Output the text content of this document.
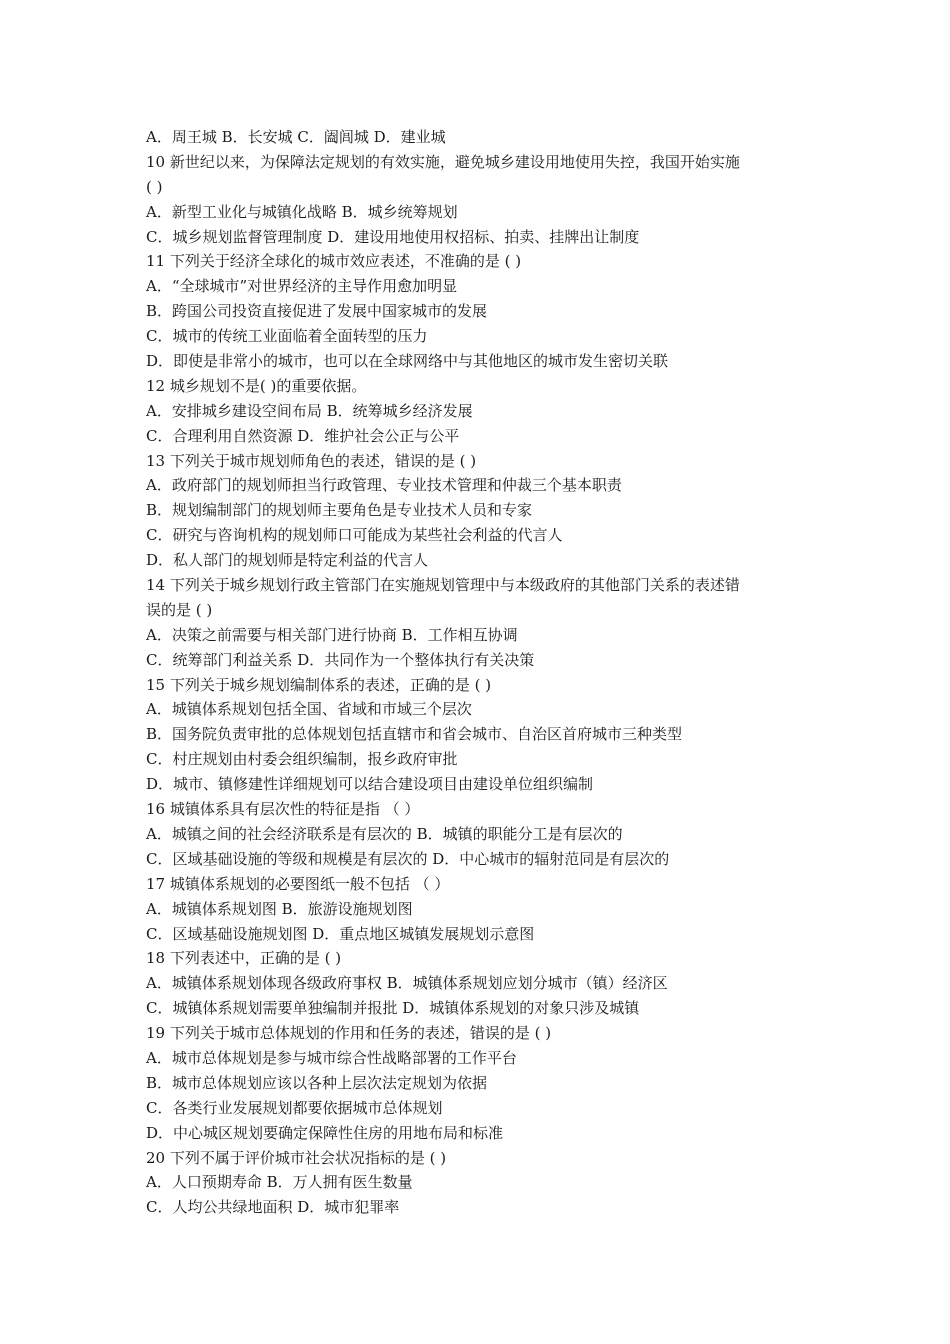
A．周王城 B．长安城 C．阖闾城 D．建业城
10 新世纪以来，为保障法定规划的有效实施，避免城乡建设用地使用失控，我国开始实施
( )
A．新型工业化与城镇化战略 B．城乡统筹规划
C．城乡规划监督管理制度 D．建设用地使用权招标、拍卖、挂牌出让制度
11 下列关于经济全球化的城市效应表述，不准确的是 ( )
A．“全球城市”对世界经济的主导作用愈加明显
B．跨国公司投资直接促进了发展中国家城市的发展
C．城市的传统工业面临着全面转型的压力
D．即使是非常小的城市，也可以在全球网络中与其他地区的城市发生密切关联
12 城乡规划不是( )的重要依据。
A．安排城乡建设空间布局 B．统筹城乡经济发展
C．合理利用自然资源 D．维护社会公正与公平
13 下列关于城市规划师角色的表述，错误的是 ( )
A．政府部门的规划师担当行政管理、专业技术管理和仲裁三个基本职责
B．规划编制部门的规划师主要角色是专业技术人员和专家
C．研究与咨询机构的规划师口可能成为某些社会利益的代言人
D．私人部门的规划师是特定利益的代言人
14 下列关于城乡规划行政主管部门在实施规划管理中与本级政府的其他部门关系的表述错
误的是 ( )
A．决策之前需要与相关部门进行协商 B．工作相互协调
C．统筹部门利益关系 D．共同作为一个整体执行有关决策
15 下列关于城乡规划编制体系的表述，正确的是 ( )
A．城镇体系规划包括全国、省域和市域三个层次
B．国务院负责审批的总体规划包括直辖市和省会城市、自治区首府城市三种类型
C．村庄规划由村委会组织编制，报乡政府审批
D．城市、镇修建性详细规划可以结合建设项目由建设单位组织编制
16 城镇体系具有层次性的特征是指 （ ）
A．城镇之间的社会经济联系是有层次的 B．城镇的职能分工是有层次的
C．区域基础设施的等级和规模是有层次的 D．中心城市的辐射范同是有层次的
17 城镇体系规划的必要图纸一般不包括 （ ）
A．城镇体系规划图 B．旅游设施规划图
C．区域基础设施规划图 D．重点地区城镇发展规划示意图
18 下列表述中，正确的是 ( )
A．城镇体系规划体现各级政府事权 B．城镇体系规划应划分城市（镇）经济区
C．城镇体系规划需要单独编制并报批 D．城镇体系规划的对象只涉及城镇
19 下列关于城市总体规划的作用和任务的表述，错误的是 ( )
A．城市总体规划是参与城市综合性战略部署的工作平台
B．城市总体规划应该以各种上层次法定规划为依据
C．各类行业发展规划都要依据城市总体规划
D．中心城区规划要确定保障性住房的用地布局和标准
20 下列不属于评价城市社会状况指标的是 ( )
A．人口预期寿命 B．万人拥有医生数量
C．人均公共绿地面积 D．城市犯罪率
